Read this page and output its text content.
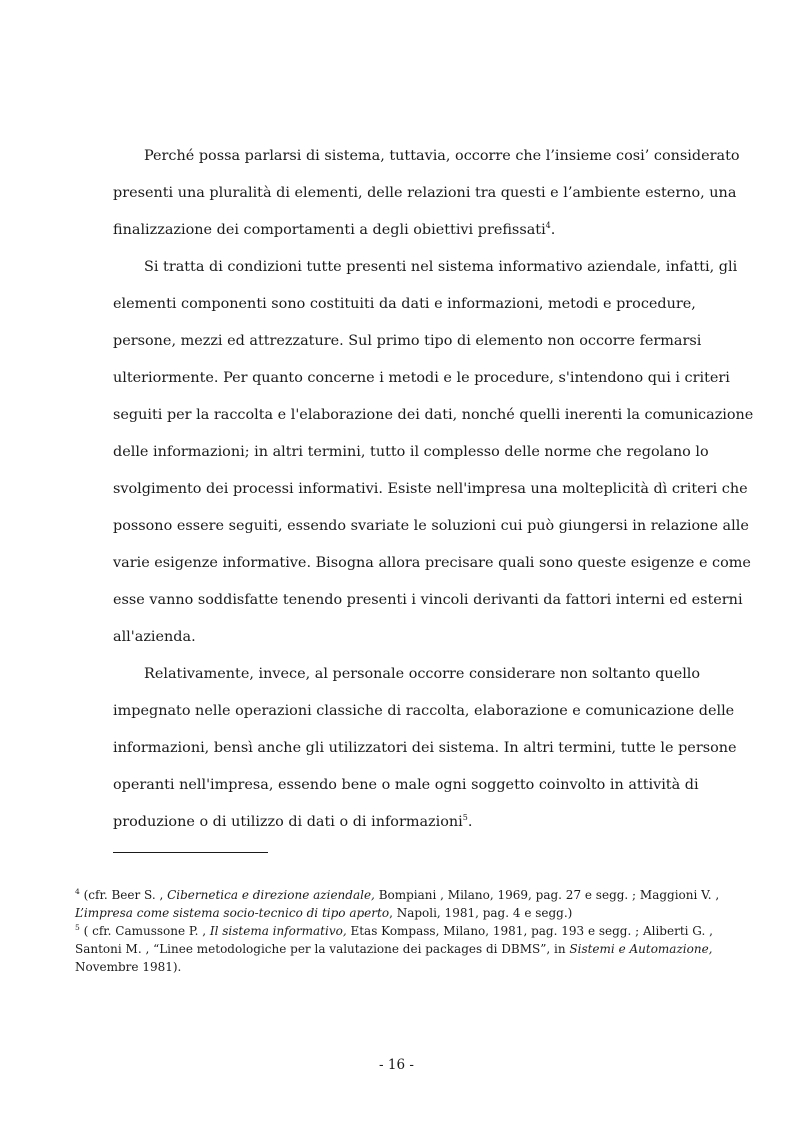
Perché possa parlarsi di sistema, tuttavia, occorre che l’insieme cosi’ considerato
presenti una pluralità di elementi, delle relazioni tra questi e l’ambiente esterno, una
finalizzazione dei comportamenti a degli obiettivi prefissati$^4$.
Si tratta di condizioni tutte presenti nel sistema informativo aziendale, infatti, gli
elementi componenti sono costituiti da dati e informazioni, metodi e procedure,
persone, mezzi ed attrezzature. Sul primo tipo di elemento non occorre fermarsi
ulteriormente. Per quanto concerne i metodi e le procedure, s'intendono qui i criteri
seguiti per la raccolta e l'elaborazione dei dati, nonché quelli inerenti la comunicazione
delle informazioni; in altri termini, tutto il complesso delle norme che regolano lo
svolgimento dei processi informativi. Esiste nell'impresa una molteplicità dì criteri che
possono essere seguiti, essendo svariate le soluzioni cui può giungersi in relazione alle
varie esigenze informative. Bisogna allora precisare quali sono queste esigenze e come
esse vanno soddisfatte tenendo presenti i vincoli derivanti da fattori interni ed esterni
all'azienda.
Relativamente, invece, al personale occorre considerare non soltanto quello
impegnato nelle operazioni classiche di raccolta, elaborazione e comunicazione delle
informazioni, bensì anche gli utilizzatori dei sistema. In altri termini, tutte le persone
operanti nell'impresa, essendo bene o male ogni soggetto coinvolto in attività di
produzione o di utilizzo di dati o di informazioni$^5$.
$^4$ (cfr. Beer S. , Cibernetica e direzione aziendale, Bompiani , Milano, 1969, pag. 27 e segg. ; Maggioni V. ,
L’impresa come sistema socio-tecnico di tipo aperto, Napoli, 1981, pag. 4 e segg.)
$^5$ ( cfr. Camussone P. , Il sistema informativo, Etas Kompass, Milano, 1981, pag. 193 e segg. ; Aliberti G. ,
Santoni M. , “Linee metodologiche per la valutazione dei packages di DBMS”, in Sistemi e Automazione,
Novembre 1981).
- 16 -
